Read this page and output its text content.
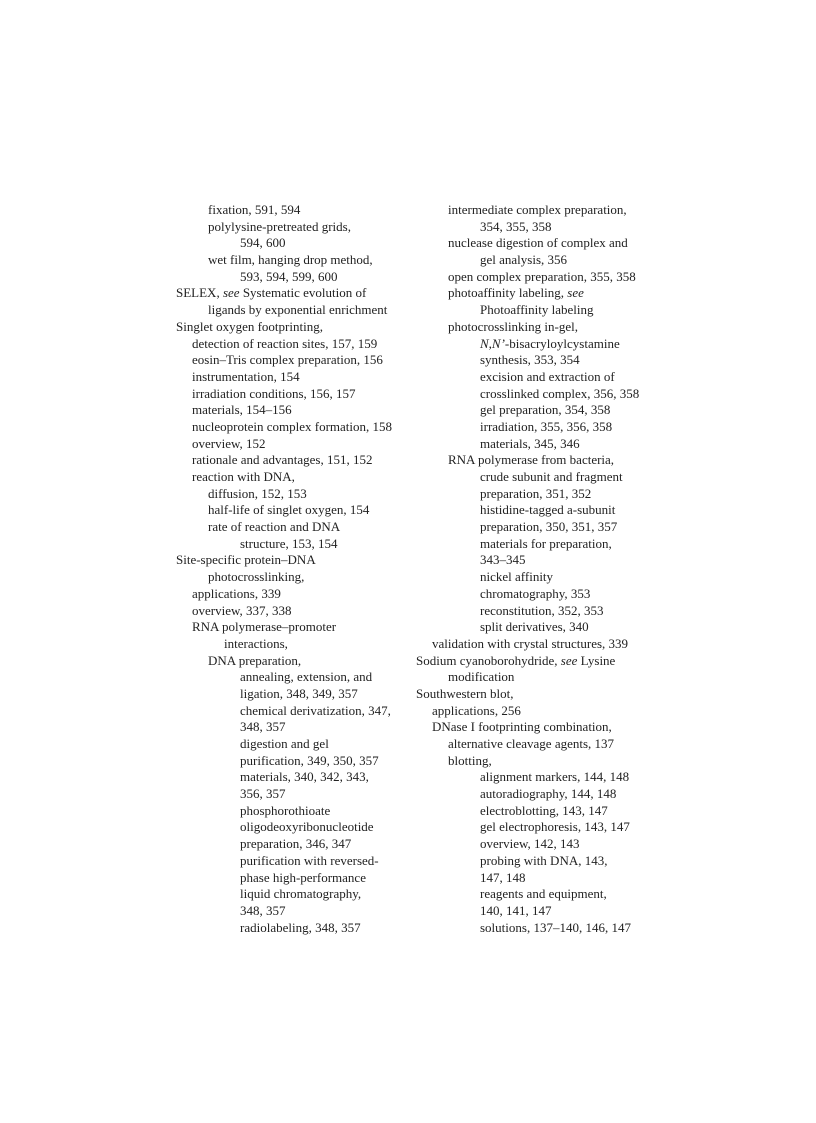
fixation, 591, 594
polylysine-pretreated grids,
594, 600
wet film, hanging drop method,
593, 594, 599, 600
SELEX, see Systematic evolution of
ligands by exponential enrichment
Singlet oxygen footprinting,
detection of reaction sites, 157, 159
eosin–Tris complex preparation, 156
instrumentation, 154
irradiation conditions, 156, 157
materials, 154–156
nucleoprotein complex formation, 158
overview, 152
rationale and advantages, 151, 152
reaction with DNA,
diffusion, 152, 153
half-life of singlet oxygen, 154
rate of reaction and DNA
structure, 153, 154
Site-specific protein–DNA
photocrosslinking,
applications, 339
overview, 337, 338
RNA polymerase–promoter
interactions,
DNA preparation,
annealing, extension, and
ligation, 348, 349, 357
chemical derivatization, 347,
348, 357
digestion and gel
purification, 349, 350, 357
materials, 340, 342, 343,
356, 357
phosphorothioate
oligodeoxyribonucleotide
preparation, 346, 347
purification with reversed-
phase high-performance
liquid chromatography,
348, 357
radiolabeling, 348, 357
intermediate complex preparation,
354, 355, 358
nuclease digestion of complex and
gel analysis, 356
open complex preparation, 355, 358
photoaffinity labeling, see
Photoaffinity labeling
photocrosslinking in-gel,
N,N’-bisacryloylcystamine
synthesis, 353, 354
excision and extraction of
crosslinked complex, 356, 358
gel preparation, 354, 358
irradiation, 355, 356, 358
materials, 345, 346
RNA polymerase from bacteria,
crude subunit and fragment
preparation, 351, 352
histidine-tagged a-subunit
preparation, 350, 351, 357
materials for preparation,
343–345
nickel affinity
chromatography, 353
reconstitution, 352, 353
split derivatives, 340
validation with crystal structures, 339
Sodium cyanoborohydride, see Lysine
modification
Southwestern blot,
applications, 256
DNase I footprinting combination,
alternative cleavage agents, 137
blotting,
alignment markers, 144, 148
autoradiography, 144, 148
electroblotting, 143, 147
gel electrophoresis, 143, 147
overview, 142, 143
probing with DNA, 143,
147, 148
reagents and equipment,
140, 141, 147
solutions, 137–140, 146, 147
